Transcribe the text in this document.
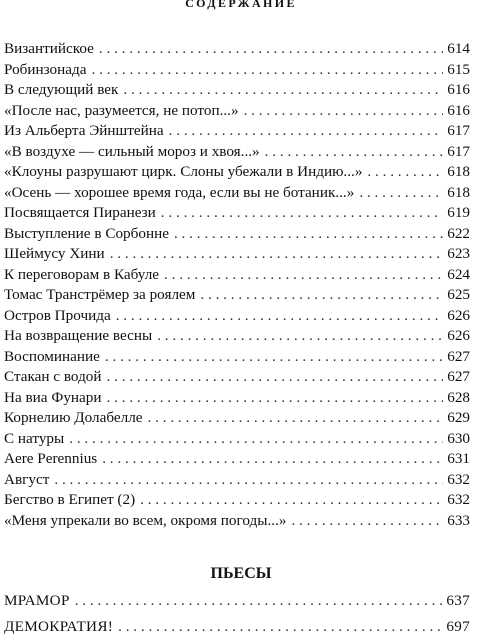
СОДЕРЖАНИЕ
Византийское . . .	614
Робинзонада . . .	615
В следующий век . . .	616
«После нас, разумеется, не потоп...» . . .	616
Из Альберта Эйнштейна . . .	617
«В воздухе — сильный мороз и хвоя...» . . .	617
«Клоуны разрушают цирк. Слоны убежали в Индию...» . . .	618
«Осень — хорошее время года, если вы не ботаник...» . . .	618
Посвящается Пиранези . . .	619
Выступление в Сорбонне . . .	622
Шеймусу Хини . . .	623
К переговорам в Кабуле . . .	624
Томас Транстрёмер за роялем . . .	625
Остров Прочида . . .	626
На возвращение весны . . .	626
Воспоминание . . .	627
Стакан с водой . . .	627
На виа Фунари . . .	628
Корнелию Долабелле . . .	629
С натуры . . .	630
Aere Perennius . . .	631
Август . . .	632
Бегство в Египет (2) . . .	632
«Меня упрекали во всем, окромя погоды...» . . .	633
ПЬЕСЫ
МРАМОР . . .	637
ДЕМОКРАТИЯ! . . .	697
